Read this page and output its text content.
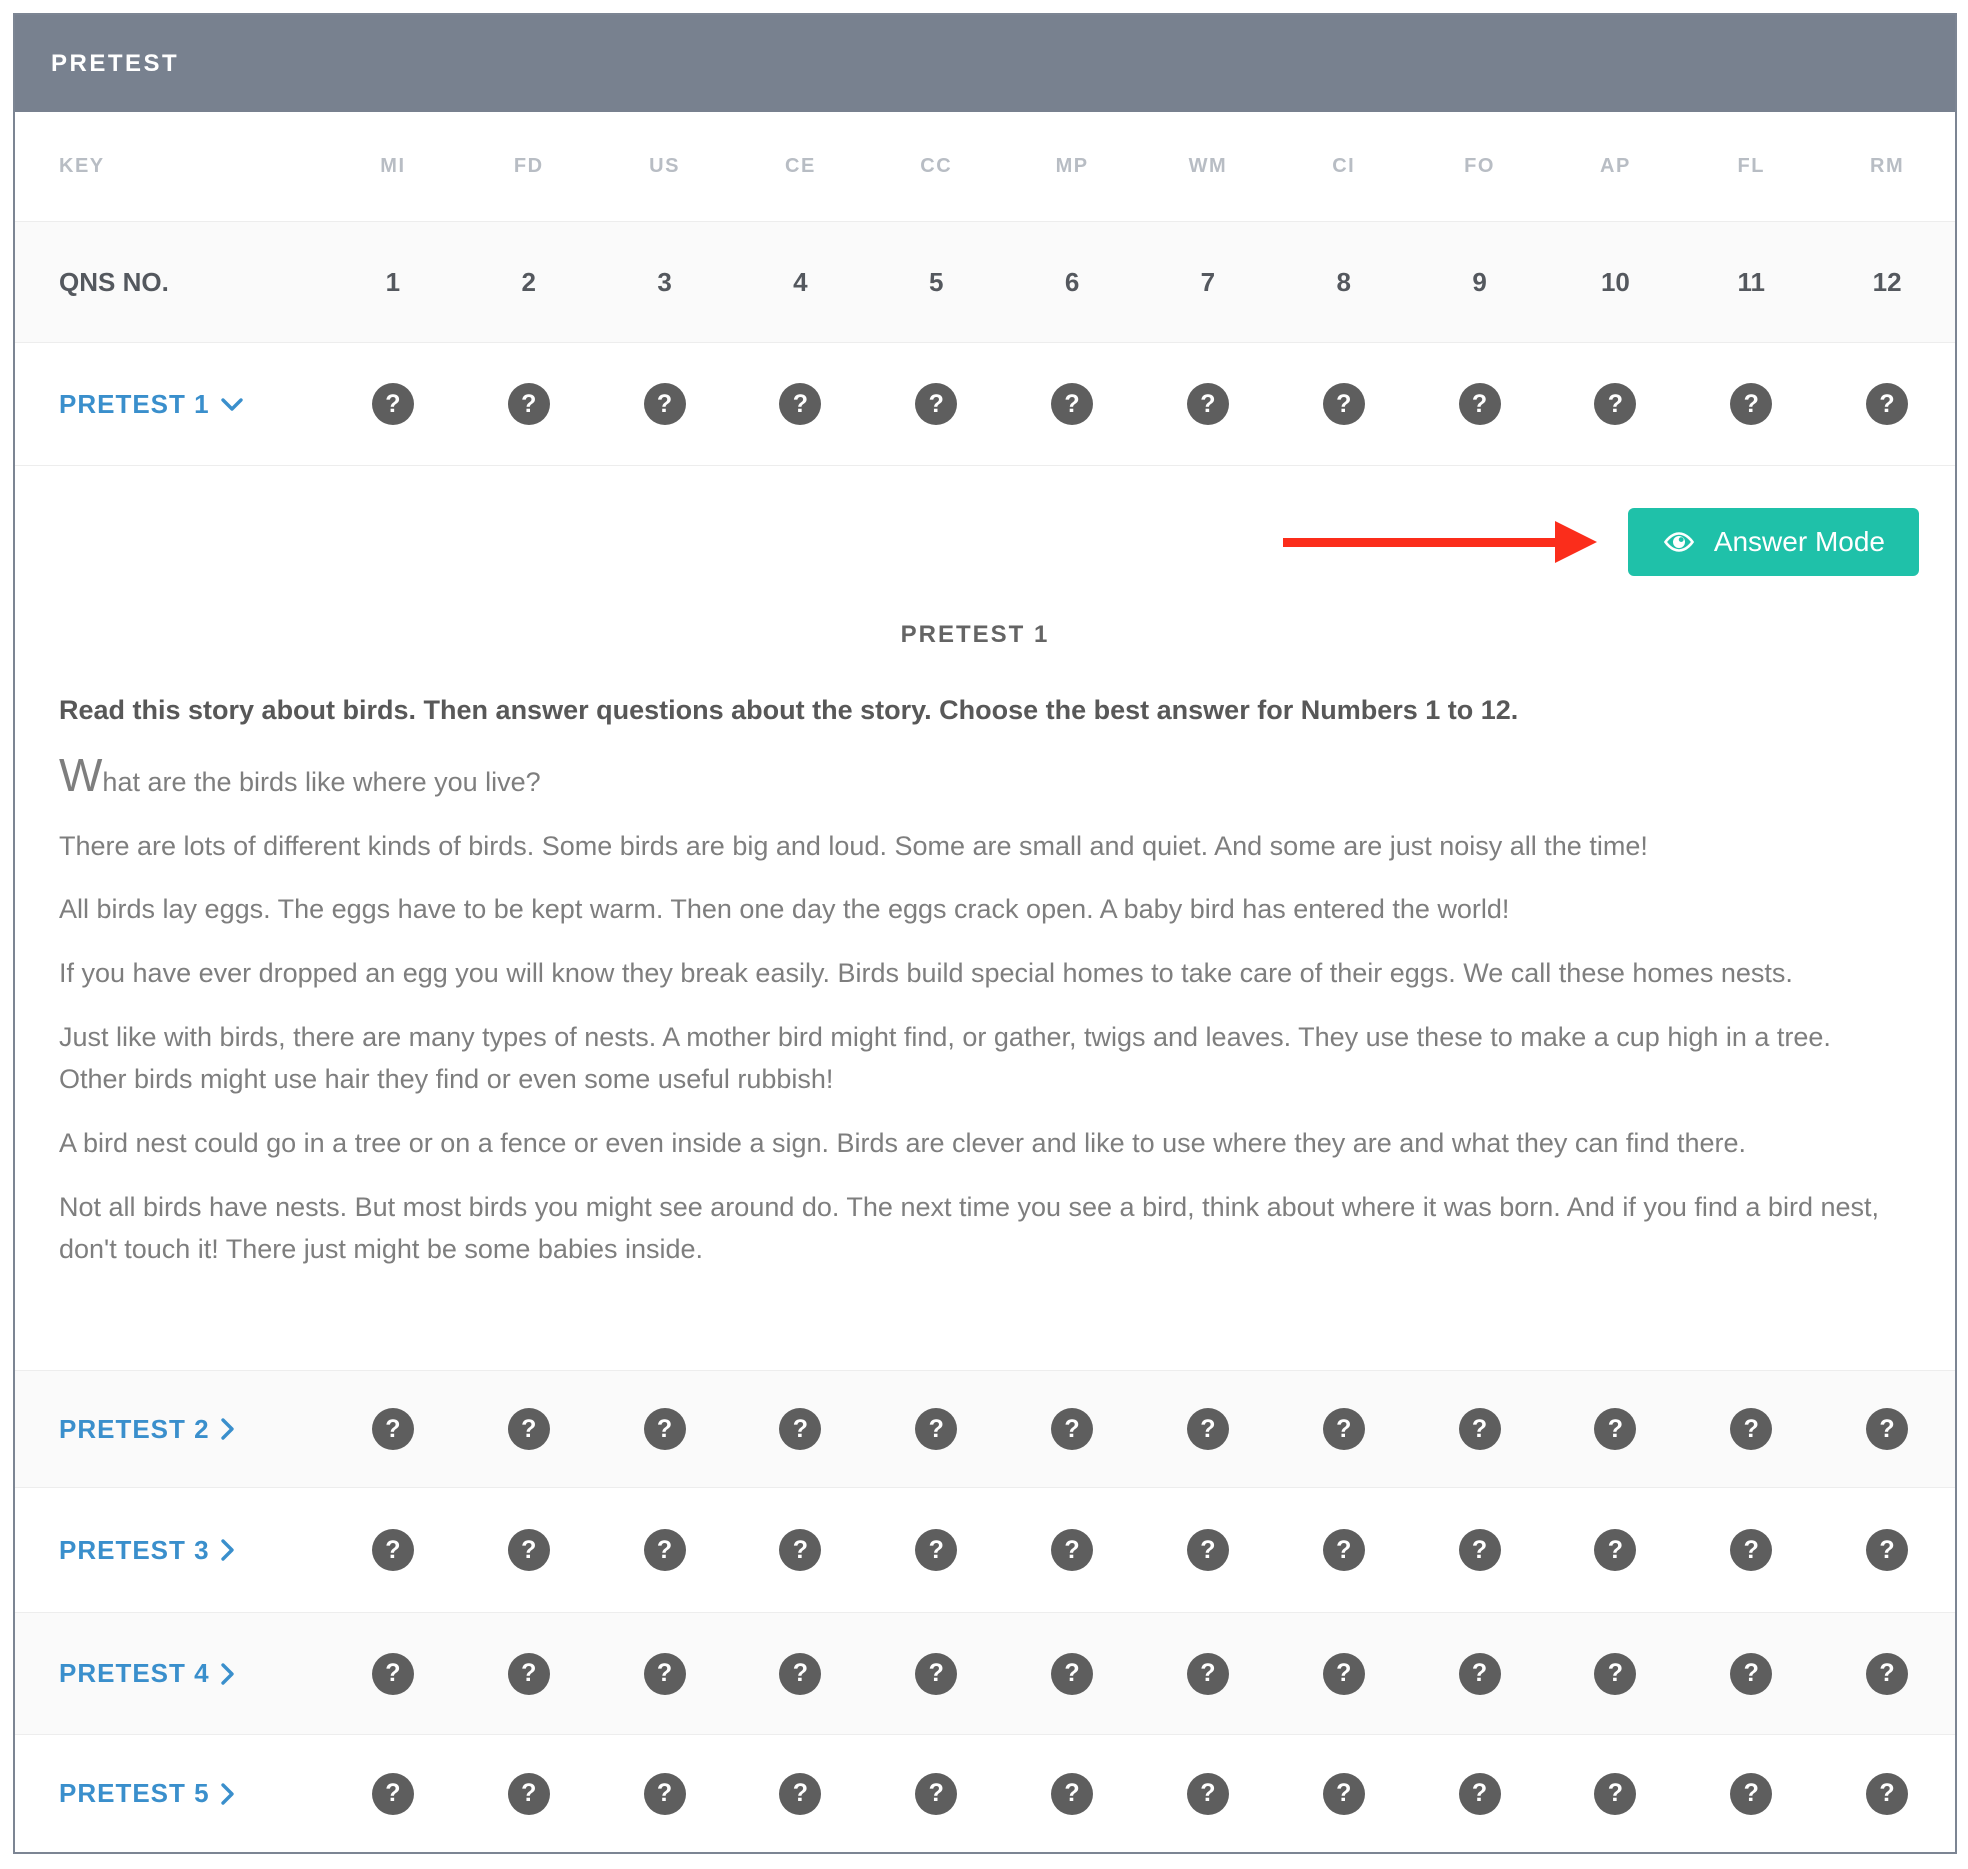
PRETEST
KEY	MI	FD	US	CE	CC	MP	WM	CI	FO	AP	FL	RM
QNS NO.	1	2	3	4	5	6	7	8	9	10	11	12
PRETEST 1	?	?	?	?	?	?	?	?	?	?	?	?
Answer Mode
PRETEST 1
Read this story about birds. Then answer questions about the story. Choose the best answer for Numbers 1 to 12.

What are the birds like where you live?

There are lots of different kinds of birds. Some birds are big and loud. Some are small and quiet. And some are just noisy all the time!

All birds lay eggs. The eggs have to be kept warm. Then one day the eggs crack open. A baby bird has entered the world!

If you have ever dropped an egg you will know they break easily. Birds build special homes to take care of their eggs. We call these homes nests.

Just like with birds, there are many types of nests. A mother bird might find, or gather, twigs and leaves. They use these to make a cup high in a tree. Other birds might use hair they find or even some useful rubbish!

A bird nest could go in a tree or on a fence or even inside a sign. Birds are clever and like to use where they are and what they can find there.

Not all birds have nests. But most birds you might see around do. The next time you see a bird, think about where it was born. And if you find a bird nest, don't touch it! There just might be some babies inside.

PRETEST 2	?	?	?	?	?	?	?	?	?	?	?	?
PRETEST 3	?	?	?	?	?	?	?	?	?	?	?	?
PRETEST 4	?	?	?	?	?	?	?	?	?	?	?	?
PRETEST 5	?	?	?	?	?	?	?	?	?	?	?	?
